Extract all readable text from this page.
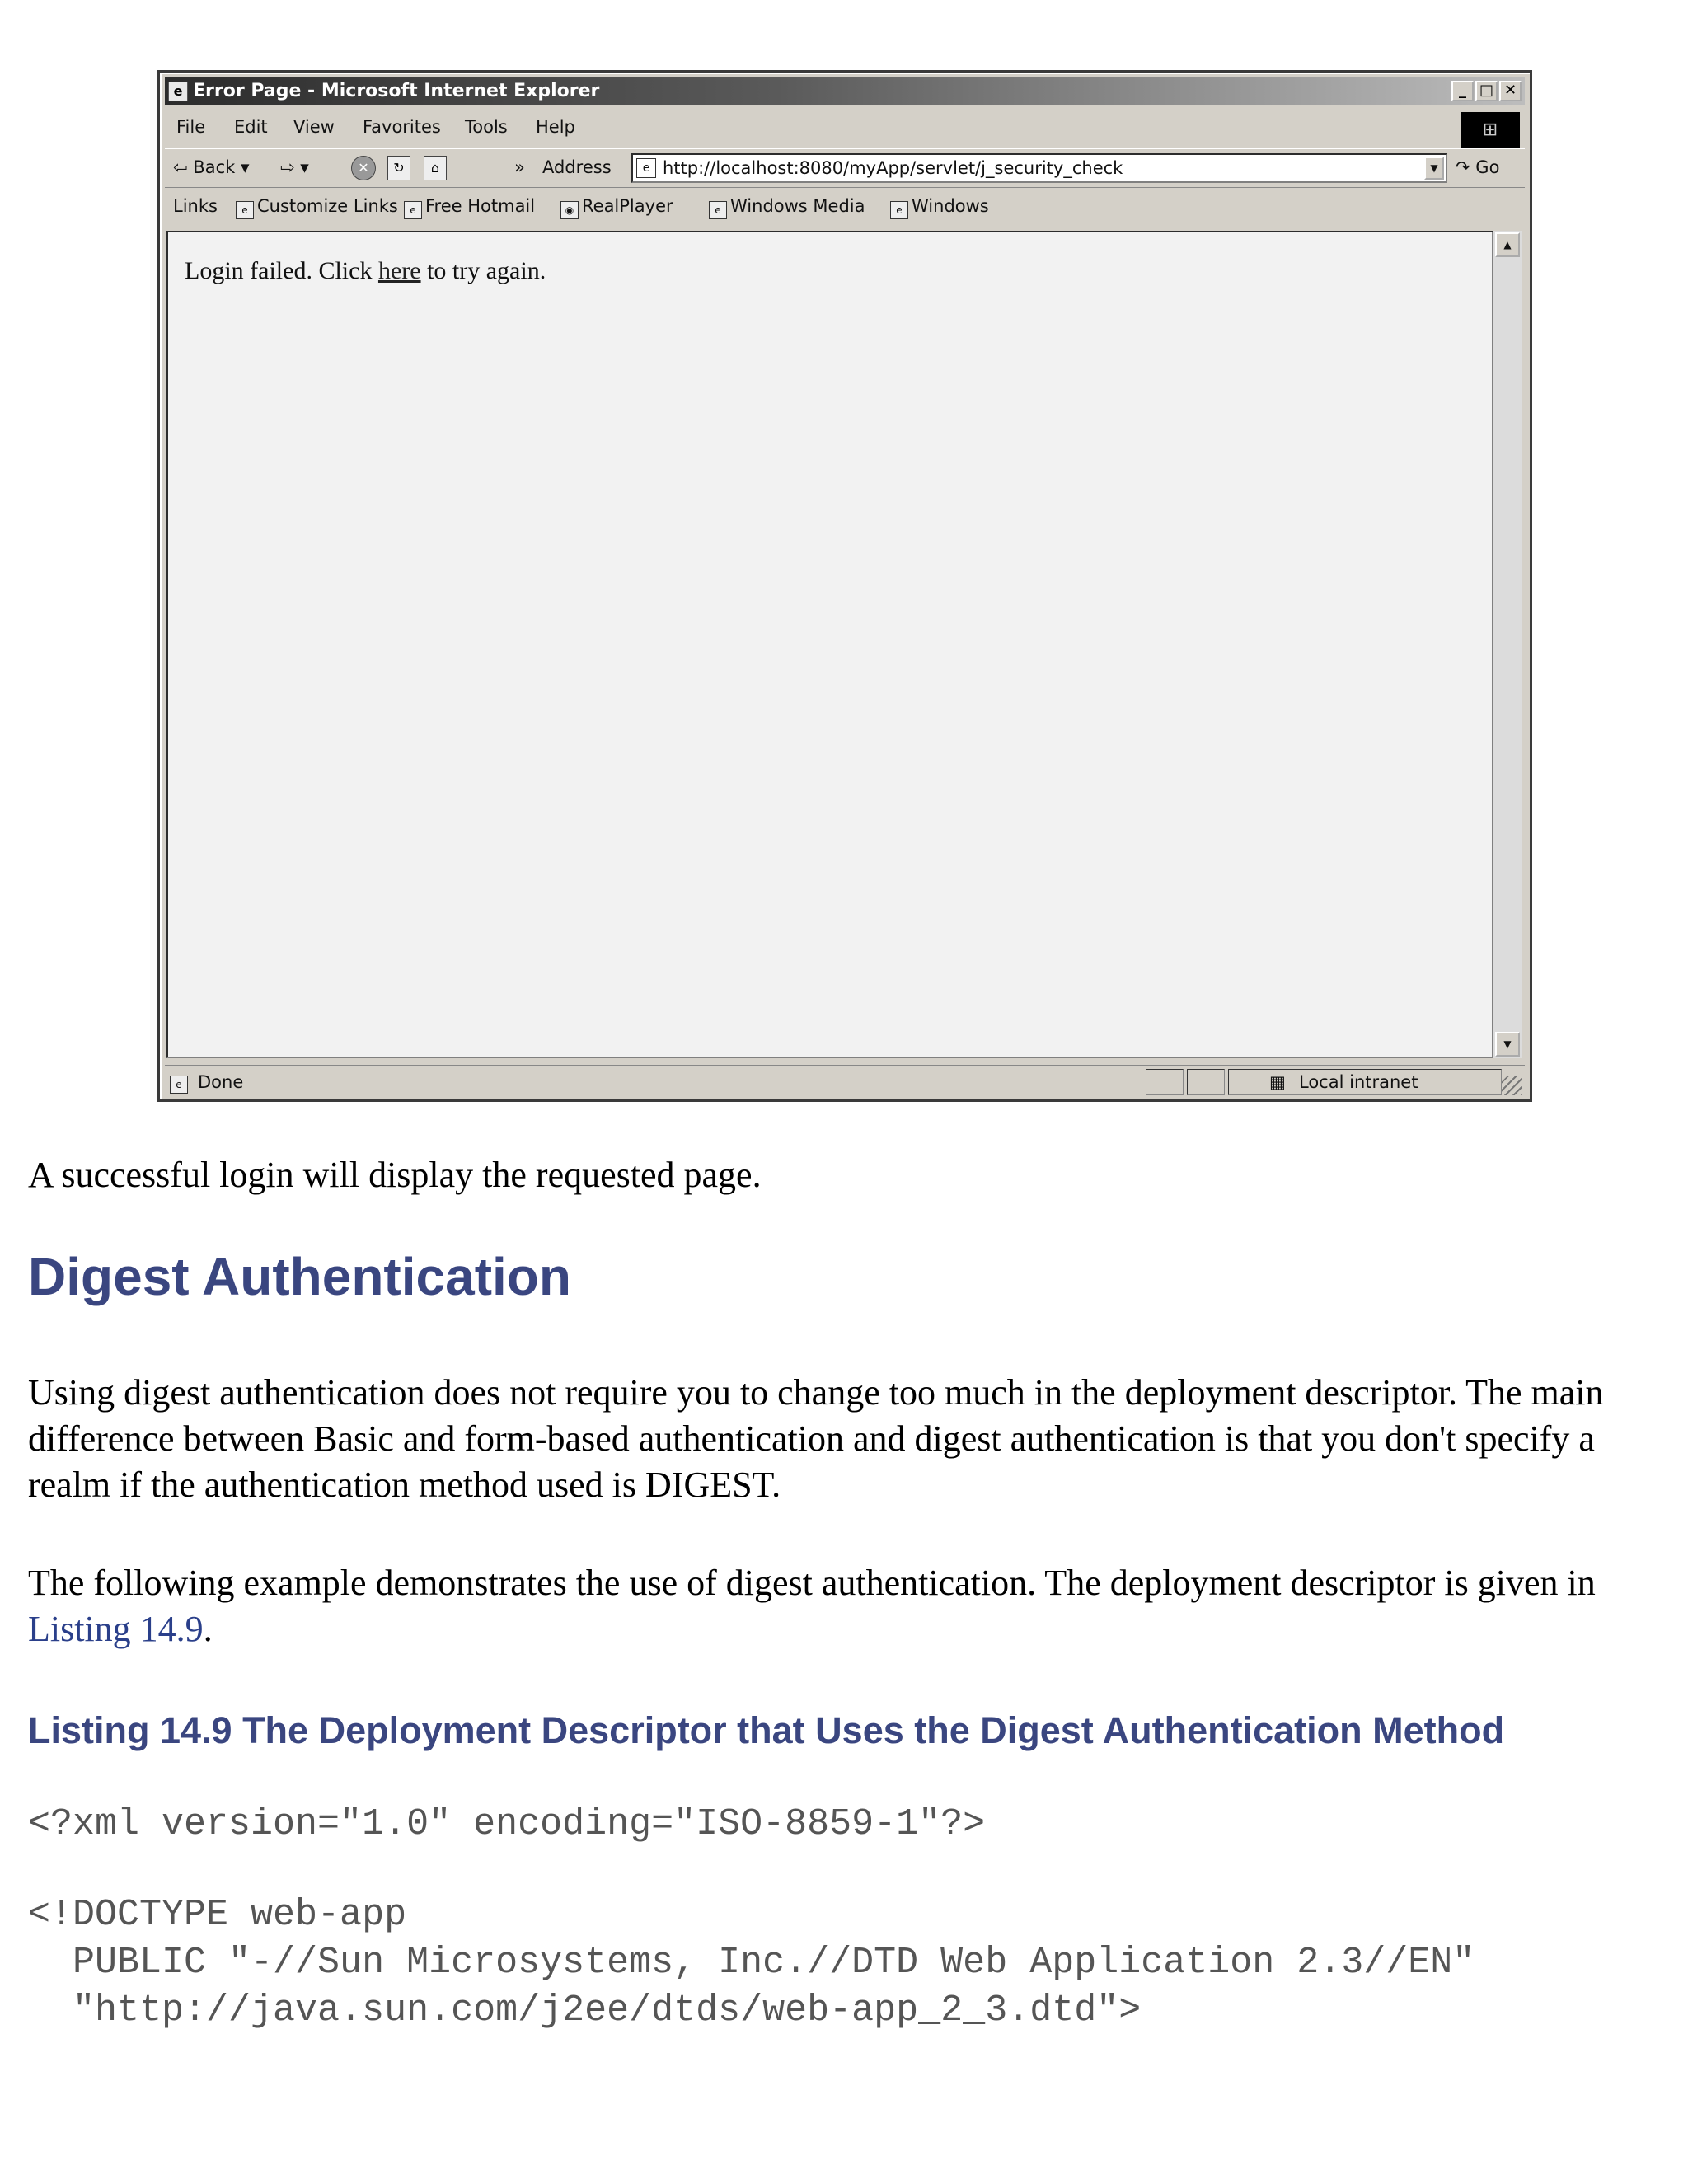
e Error Page - Microsoft Internet Explorer	_ □ ✕
File Edit View Favorites Tools Help	⊞
⇦ Back ▾ ⇨ ▾	✕	↻	⌂	» Address	e http://localhost:8080/myApp/servlet/j_security_check	▼	↷ Go
Links	e Customize Links	e Free Hotmail	◉ RealPlayer	e Windows Media	e Windows
Login failed. Click here to try again.
▲
▼
e Done	▦ Local intranet

A successful login will display the requested page.

Digest Authentication

Using digest authentication does not require you to change too much in the deployment descriptor. The main difference between Basic and form-based authentication and digest authentication is that you don't specify a realm if the authentication method used is DIGEST.

The following example demonstrates the use of digest authentication. The deployment descriptor is given in Listing 14.9.

Listing 14.9 The Deployment Descriptor that Uses the Digest Authentication Method
<?xml version="1.0" encoding="ISO-8859-1"?>
<!DOCTYPE web-app
PUBLIC "-//Sun Microsystems, Inc.//DTD Web Application 2.3//EN"
"http://java.sun.com/j2ee/dtds/web-app_2_3.dtd">
